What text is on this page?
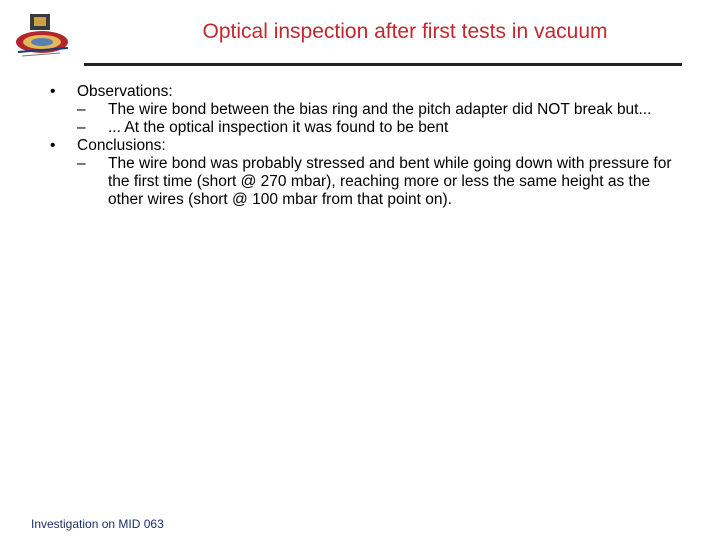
Optical inspection after first tests in vacuum
• Observations:
– The wire bond between the bias ring and the pitch adapter did NOT break but...
– ... At the optical inspection it was found to be bent
• Conclusions:
– The wire bond was probably stressed and bent while going down with pressure for the first time (short @ 270 mbar), reaching more or less the same height as the other wires (short @ 100 mbar from that point on).
Investigation on MID 063
